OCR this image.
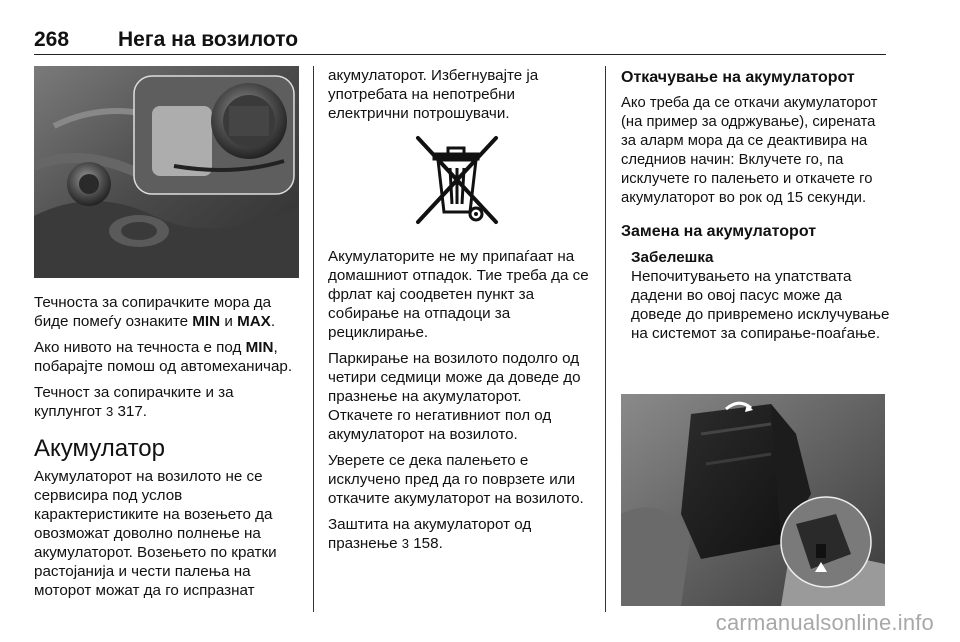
268 Нега на возилото

Течноста за сопирачките мора да биде помеѓу ознаките MIN и MAX.

Ако нивото на течноста е под MIN, побарајте помош од автомеханичар.

Течност за сопирачките и за куплунгот 3 317.

Акумулатор

Акумулаторот на возилото не се сервисира под услов карактеристиките на возењето да овозможат доволно полнење на акумулаторот. Возењето по кратки растојанија и чести палења на моторот можат да го испразнат

акумулаторот. Избегнувајте ја употребата на непотребни електрични потрошувачи.

Акумулаторите не му припаѓаат на домашниот отпадок. Тие треба да се фрлат кај соодветен пункт за собирање на отпадоци за рециклирање.

Паркирање на возилото подолго од четири седмици може да доведе до празнење на акумулаторот.

Откачете го негативниот пол од акумулаторот на возилото.

Уверете се дека палењето е исклучено пред да го поврзете или откачите акумулаторот на возилото.

Заштита на акумулаторот од празнење 3 158.

Откачување на акумулаторот

Ако треба да се откачи акумулаторот (на пример за одржување), сирената за аларм мора да се деактивира на следниов начин: Вклучете го, па исклучете го палењето и откачете го акумулаторот во рок од 15 секунди.

Замена на акумулаторот
Забелешка

Непочитувањето на упатствата дадени во овој пасус може да доведе до привремено исклучување на системот за сопирање-поаѓање.

carmanualsonline.info
